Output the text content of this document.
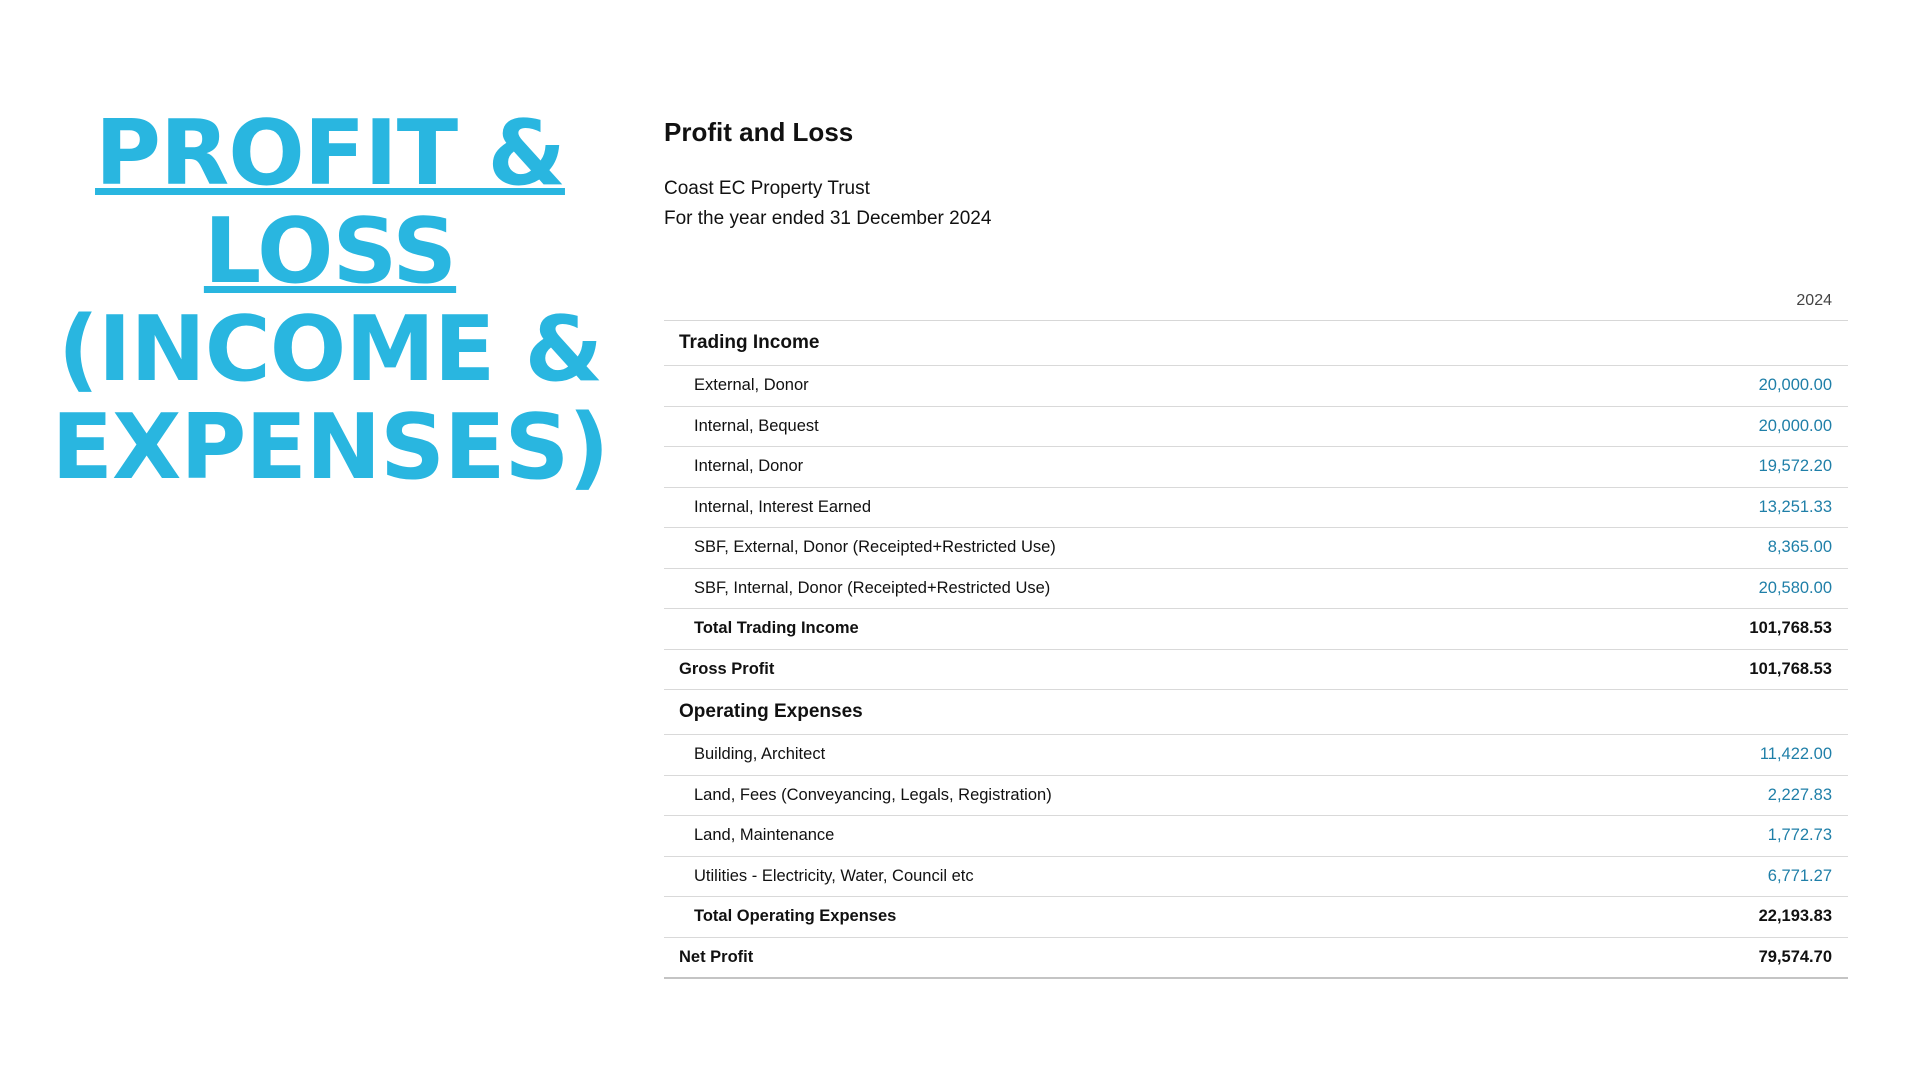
PROFIT &
LOSS
(INCOME &
EXPENSES)
Profit and Loss
Coast EC Property Trust
For the year ended 31 December 2024
2024
Trading Income
External, Donor	20,000.00
Internal, Bequest	20,000.00
Internal, Donor	19,572.20
Internal, Interest Earned	13,251.33
SBF, External, Donor (Receipted+Restricted Use)	8,365.00
SBF, Internal, Donor (Receipted+Restricted Use)	20,580.00
Total Trading Income	101,768.53
Gross Profit	101,768.53
Operating Expenses
Building, Architect	11,422.00
Land, Fees (Conveyancing, Legals, Registration)	2,227.83
Land, Maintenance	1,772.73
Utilities - Electricity, Water, Council etc	6,771.27
Total Operating Expenses	22,193.83
Net Profit	79,574.70
